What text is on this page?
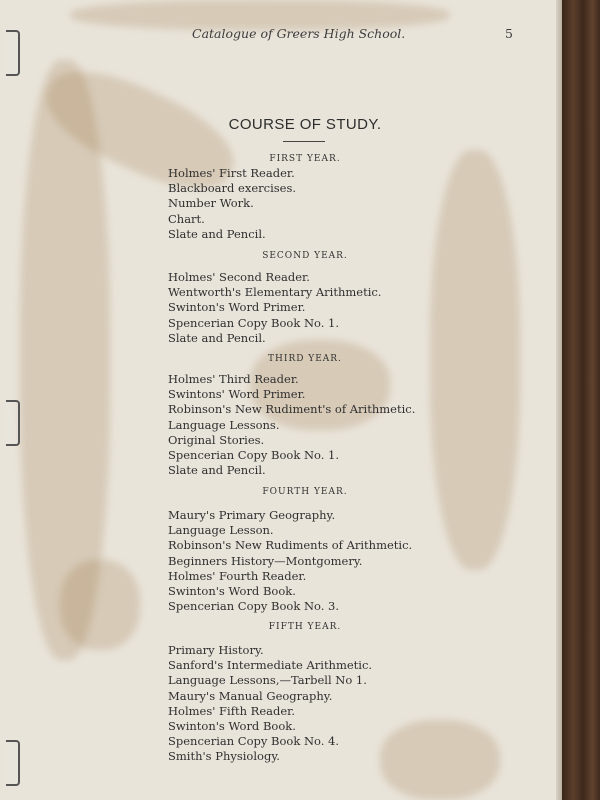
Catalogue of Greers High School.	5
COURSE OF STUDY.
FIRST YEAR.
Holmes' First Reader.
Blackboard exercises.
Number Work.
Chart.
Slate and Pencil.
SECOND YEAR.
Holmes' Second Reader.
Wentworth's Elementary Arithmetic.
Swinton's Word Primer.
Spencerian Copy Book No. 1.
Slate and Pencil.
THIRD YEAR.
Holmes' Third Reader.
Swintons' Word Primer.
Robinson's New Rudiment's of Arithmetic.
Language Lessons.
Original Stories.
Spencerian Copy Book No. 1.
Slate and Pencil.
FOURTH YEAR.
Maury's Primary Geography.
Language Lesson.
Robinson's New Rudiments of Arithmetic.
Beginners History—Montgomery.
Holmes' Fourth Reader.
Swinton's Word Book.
Spencerian Copy Book No. 3.
FIFTH YEAR.
Primary History.
Sanford's Intermediate Arithmetic.
Language Lessons,—Tarbell No 1.
Maury's Manual Geography.
Holmes' Fifth Reader.
Swinton's Word Book.
Spencerian Copy Book No. 4.
Smith's Physiology.
